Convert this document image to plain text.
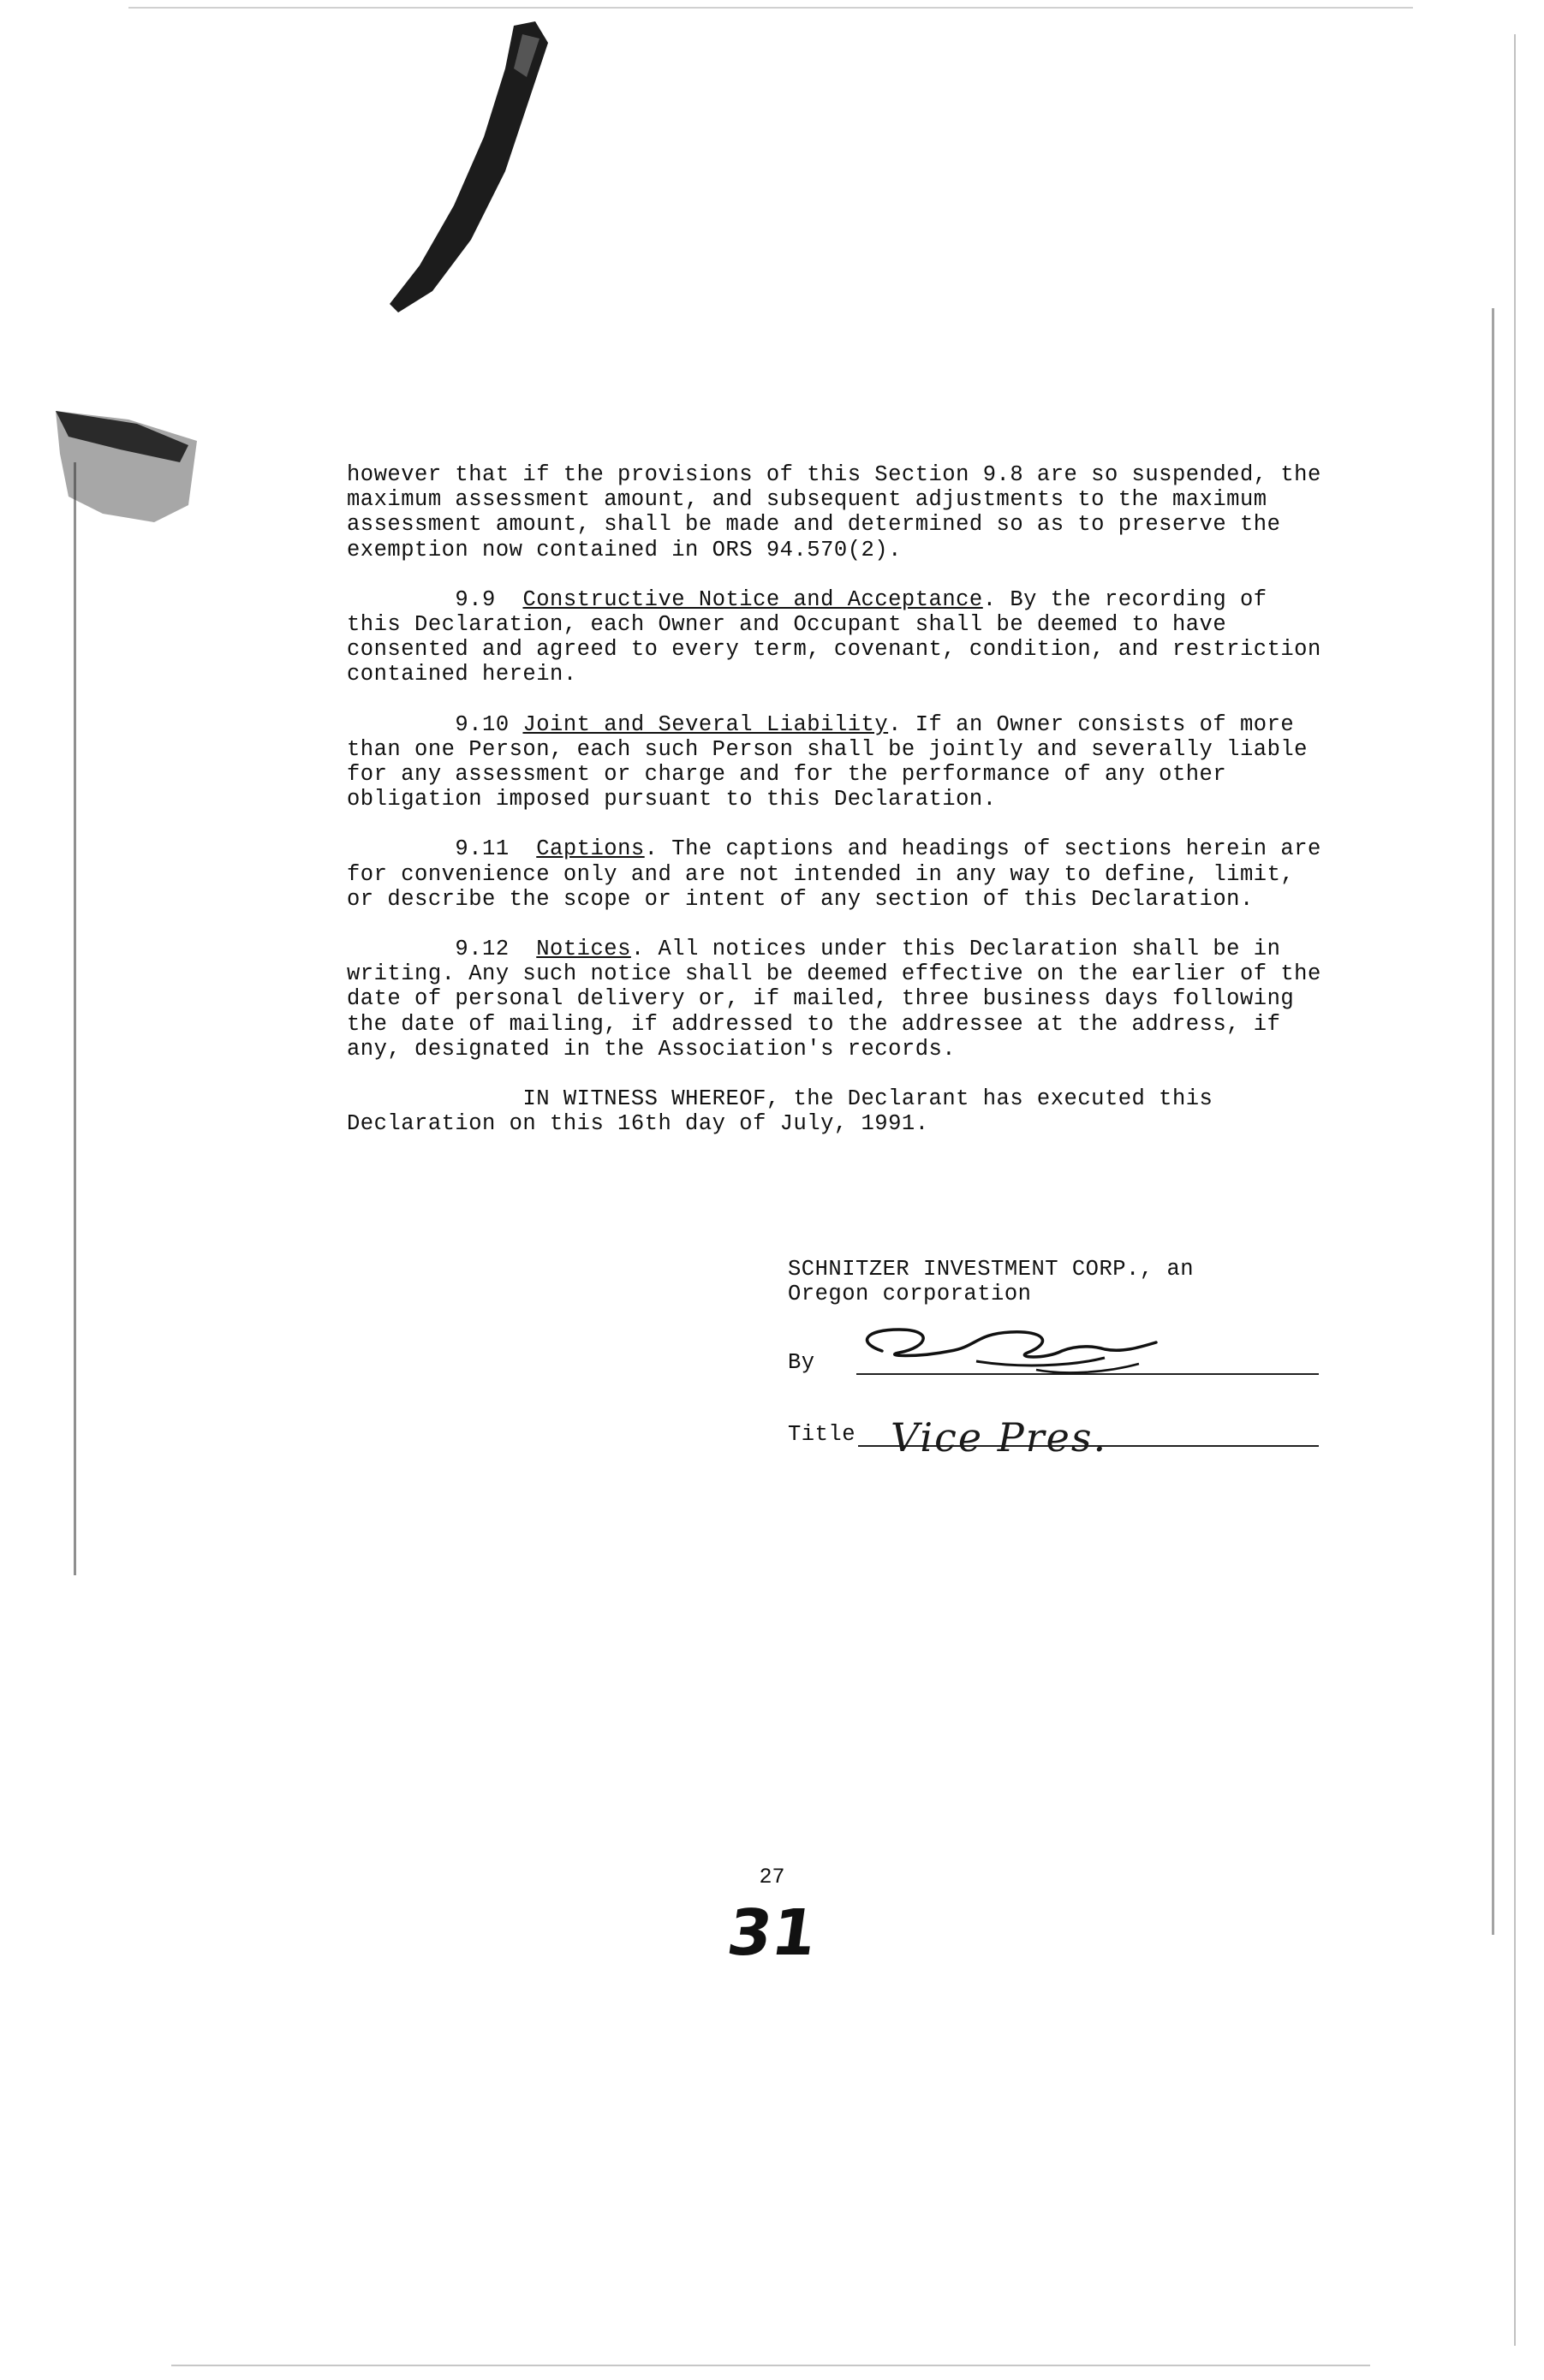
however that if the provisions of this Section 9.8 are so suspended, the maximum assessment amount, and subsequent adjustments to the maximum assessment amount, shall be made and determined so as to preserve the exemption now contained in ORS 94.570(2).

9.9 Constructive Notice and Acceptance. By the recording of this Declaration, each Owner and Occupant shall be deemed to have consented and agreed to every term, covenant, condition, and restriction contained herein.

9.10 Joint and Several Liability. If an Owner consists of more than one Person, each such Person shall be jointly and severally liable for any assessment or charge and for the performance of any other obligation imposed pursuant to this Declaration.

9.11 Captions. The captions and headings of sections herein are for convenience only and are not intended in any way to define, limit, or describe the scope or intent of any section of this Declaration.

9.12 Notices. All notices under this Declaration shall be in writing. Any such notice shall be deemed effective on the earlier of the date of personal delivery or, if mailed, three business days following the date of mailing, if addressed to the addressee at the address, if any, designated in the Association's records.

IN WITNESS WHEREOF, the Declarant has executed this Declaration on this 16th day of July, 1991.

SCHNITZER INVESTMENT CORP., an
Oregon corporation
By
Title Vice Pres.
27
31
